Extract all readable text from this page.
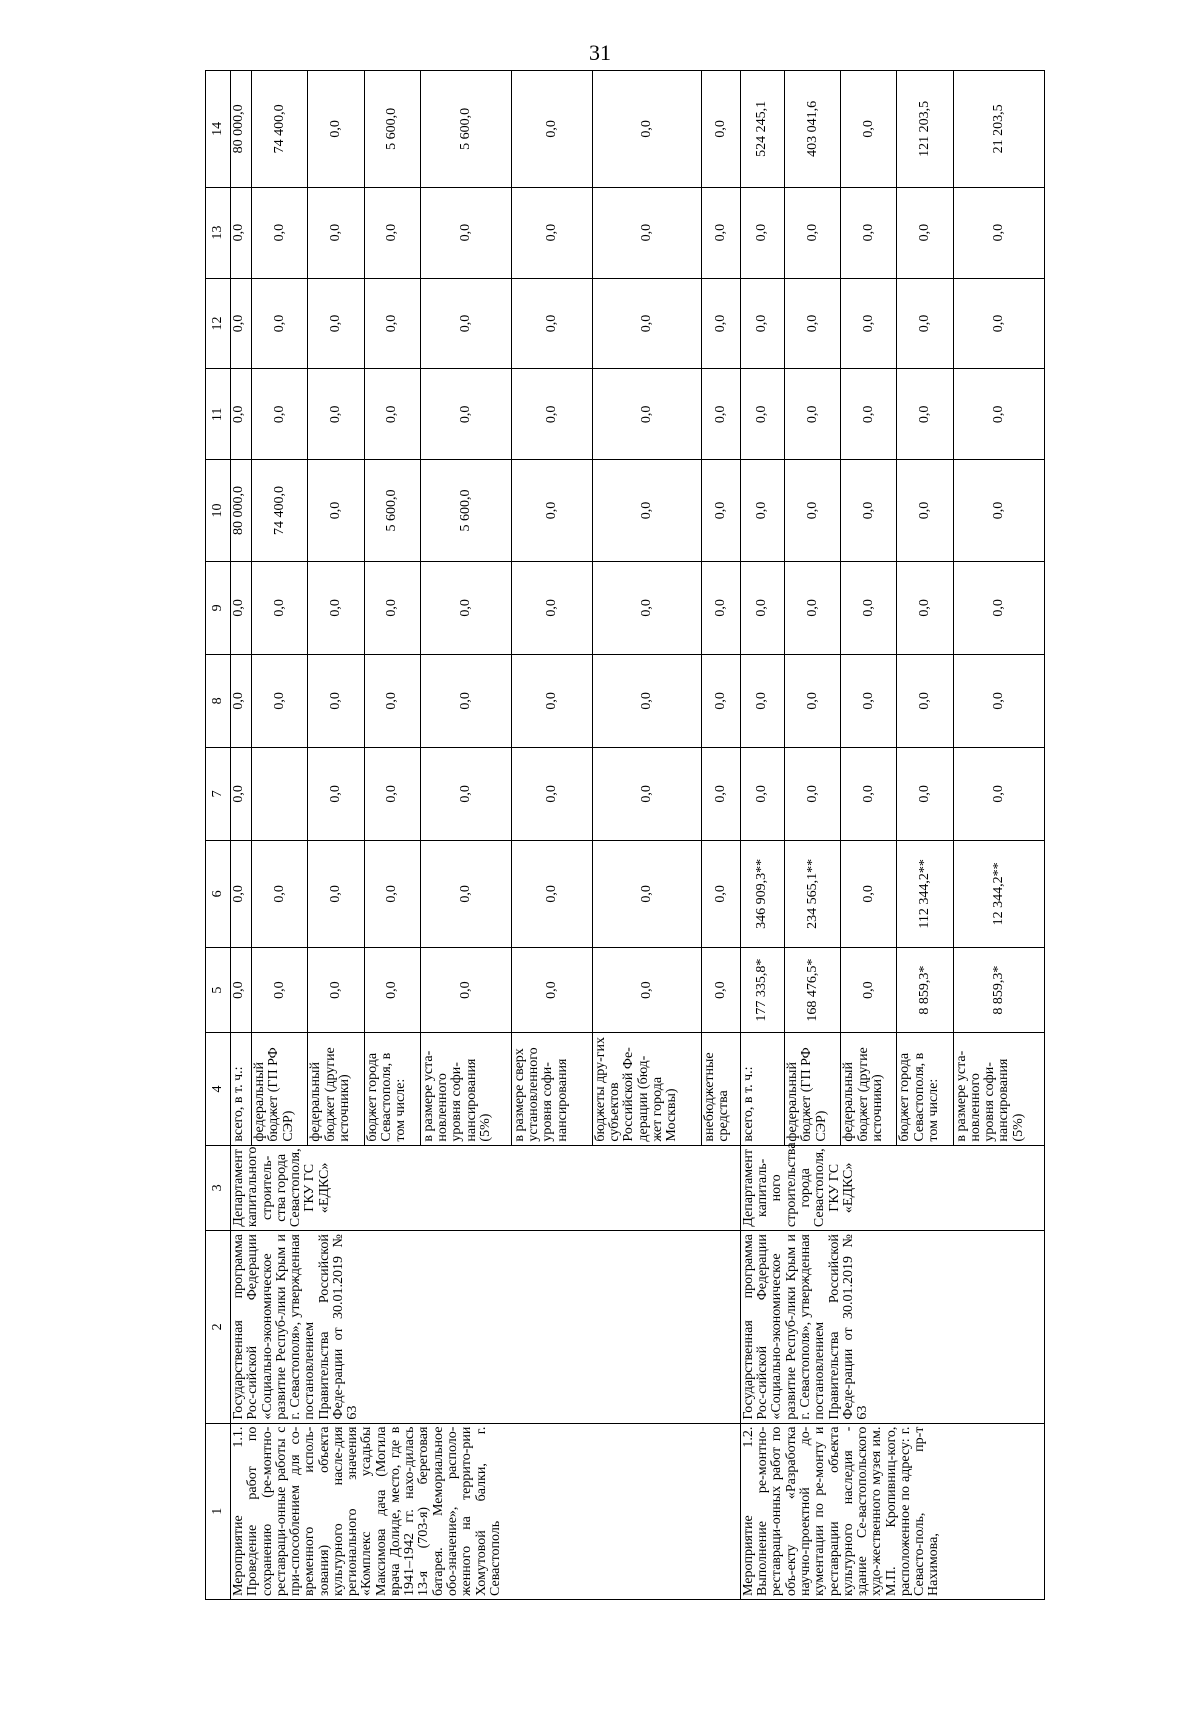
31
1	2	3	4	5	6	7	8	9	10	11	12	13	14
Мероприятие 1.1. Проведение работ по сохранению (ре-монтно-реставраци-онные работы с при-способлением для со-временного исполь-зования) объекта культурного насле-дия регионального значения «Комплекс усадьбы Максимова дача (Могила врача Долиде, место, где в 1941–1942 гг. нахо-дилась 13-я (703-я) береговая батарея. Мемориальное обо-значение», располо-женного на террито-рии Хомутовой балки, г. Севастополь	Государственная программа Рос-сийской Федерации «Социально-экономическое развитие Респуб-лики Крым и г. Севастополя», утвержденная постановлением Правительства Российской Феде-рации от 30.01.2019 № 63	Департамент капитального строитель-ства города Севастополя, ГКУ ГС «ЕДКС»	всего, в т. ч.:	0,0	0,0	0,0	0,0	0,0	80 000,0	0,0	0,0	0,0	80 000,0
			федеральный бюджет (ГП РФ СЭР)	0,0	0,0		0,0	0,0	74 400,0	0,0	0,0	0,0	74 400,0
			федеральный бюджет (другие источники)	0,0	0,0	0,0	0,0	0,0	0,0	0,0	0,0	0,0	0,0
			бюджет города Севастополя, в том числе:	0,0	0,0	0,0	0,0	0,0	5 600,0	0,0	0,0	0,0	5 600,0
			в размере уста-новленного уровня софи-нансирования (5%)	0,0	0,0	0,0	0,0	0,0	5 600,0	0,0	0,0	0,0	5 600,0
			в размере сверх установленного уровня софи-нансирования	0,0	0,0	0,0	0,0	0,0	0,0	0,0	0,0	0,0	0,0
			бюджеты дру-гих субъектов Российской Фе-дерации (бюд-жет города Москвы)	0,0	0,0	0,0	0,0	0,0	0,0	0,0	0,0	0,0	0,0
			внебюджетные средства	0,0	0,0	0,0	0,0	0,0	0,0	0,0	0,0	0,0	0,0
Мероприятие 1.2. Выполнение ре-монтно-реставраци-онных работ по объ-екту «Разработка научно-проектной до-кументации по ре-монту и реставрации объекта культурного наследия - здание Се-вастопольского худо-жественного музея им. М.П. Кропивниц-кого, расположенное по адресу: г. Севасто-поль, пр-т Нахимова,	Государственная программа Рос-сийской Федерации «Социально-экономическое развитие Респуб-лики Крым и г. Севастополя», утвержденная постановлением Правительства Российской Феде-рации от 30.01.2019 № 63	Департамент капиталь-ного строительства города Севастополя, ГКУ ГС «ЕДКС»	всего, в т. ч.:	177 335,8*	346 909,3**	0,0	0,0	0,0	0,0	0,0	0,0	0,0	524 245,1
			федеральный бюджет (ГП РФ СЭР)	168 476,5*	234 565,1**	0,0	0,0	0,0	0,0	0,0	0,0	0,0	403 041,6
			федеральный бюджет (другие источники)	0,0	0,0	0,0	0,0	0,0	0,0	0,0	0,0	0,0	0,0
			бюджет города Севастополя, в том числе:	8 859,3*	112 344,2**	0,0	0,0	0,0	0,0	0,0	0,0	0,0	121 203,5
			в размере уста-новленного уровня софи-нансирования (5%)	8 859,3*	12 344,2**	0,0	0,0	0,0	0,0	0,0	0,0	0,0	21 203,5
